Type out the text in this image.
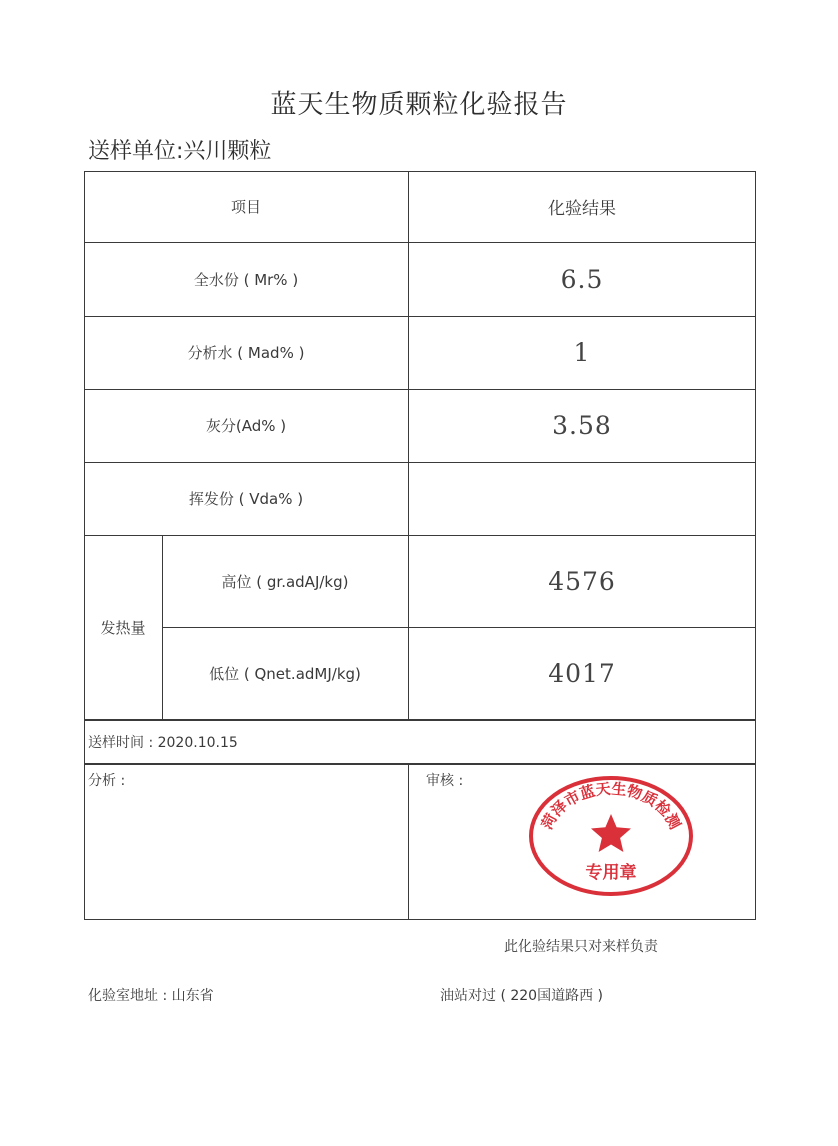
蓝天生物质颗粒化验报告
送样单位:兴川颗粒
项目	化验结果
全水份 ( Mr% )	6.5
分析水 ( Mad% )	1
灰分(Ad% )	3.58
挥发份 ( Vda% )
发热量
高位 ( gr.adAJ/kg)	4576
低位 ( Qnet.adMJ/kg)	4017
送样时间 : 2020.10.15
分析 :	审核 :
菏泽市蓝天生物质检测
专用章
此化验结果只对来样负责
化验室地址 : 山东省	油站对过 ( 220国道路西 )
